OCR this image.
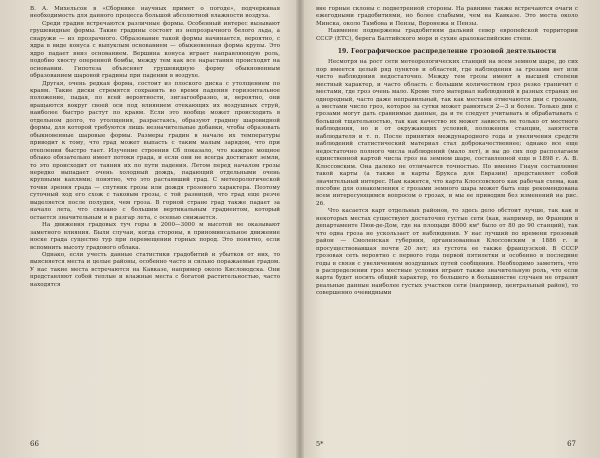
В. А. Михельсон в «Сборнике научных примет о погоде», подчеркивая необходимость для данного процесса большой абсолютной влажности воздуха.

Среди градин встречаются различные формы. Особенный интерес вызывают грушевидные формы. Такие градины состоят из непрозрачного белого льда, а снаружи — из прозрачного. Образование такой формы начинается, вероятно, с ядра в виде конуса с выпуклым основанием — обыкновенная форма крупы. Это ядро падает вниз основанием. Вершина конуса играет направляющую роль, подобно хвосту оперенной бомбы, между тем как все нарастания происходят на основании. Гипотеза объясняет грушевидную форму обыкновенным образованием шаровой градины при падении в воздухе.

Другая, очень редкая форма, состоит из плоского диска с утолщением по краям. Такие диски стремятся сохранить во время падения горизонтальное положение, падая, по всей вероятности, зигзагообразно, и, вероятно, они вращаются вокруг своей оси под влиянием отекающих их воздушных струй, наиболее быстро растут по краям. Если это вообще может происходить в отдельном долго, то утолщения, разрастаясь, образуют градину шаровидной формы, для которой требуются лишь незначительные добавки, чтобы образовать обыкновенные шаровые формы. Размеры градин в начале их температуры приводит к тому, что град может выпасть с таким малым зарядом, что при отеплении быстро тает. Изучение строения Сб показало, что каждое мощное облако обязательно имеет потоки града, и если они не всегда достигают земли, то это происходит от таяния их по пути падения. Летом перед началом грозы нередко выпадает очень холодный дождь, падающий отдельными очень крупными каплями; понятно, что это растаявший град. С метеорологической точки зрения града — спутник грозы или дождя грозового характера. Поэтому суточный ход его схож с таковым грозы, с той разницей, что град еще резче выделяется после полудня, чем гроза. В горной стране град также падает за начало лета, что связано с большим вертикальным градиентом, который остается значительным и в разгар лета, с осенью снижается.

На движения градовых туч горы в 2000—3000 м высотой не оказывают заметного влияния. Были случаи, когда стороны, в приноминсальное движение носке града существо тур при перемещении горных пород. Это понятно, если вспомнить высоту градового облака.

Однако, если учесть данные статистики градобитий и убытков от них, то выясняется места и целые районы, особенно часто и сильно поражаемые градом. У нас такие места встречаются на Кавказе, например около Кисловодска. Они представляют собой теплые и влажные места с богатой растительностью, часто находятся

66

вне горные склоны с подветренной стороны. На равнине также встречаются очаги с ежегодными градобитиями, но более слабыми, чем на Кавказе. Это места около Минска, около Тамбова и Пензы, Воронежа и Пензы.

Наименее подвержены градобитиям дальний север европейской территории СССР (ЕТС), берега Балтийского моря и сухие аралокаспийские степи.

19. Географическое распределение грозовой деятельности

Несмотря на рост сети метеорологических станций на всем земном шаре, до сих пор имеется целый ряд пунктов и областей, где наблюдения за грозами нет или чисто наблюдения недостаточно. Между тем грозы имеют в высшей степени местный характер, и часто область с большим количеством гроз резко граничит с местами, где гроз очень мало. Кроме того материал наблюдений в разных странах не однородный, часто даже неправильный, так как местами отмечаются дни с грозами, а местами число гроз, которое за сутки может равняться 2—3 и более. Только дни с грозами могут дать сравнимые данные, да и те следует учитывать и обрабатывать с большой тщательностью, так как качество их может зависеть не только от местного наблюдения, но и от окружающих условий, положения станции, занятости наблюдателя и т. п. После принятия международного года и увеличения средств наблюдений статистический материал стал доброкачественнее; однако все еще недостаточно полного числа наблюдений (мало лет), и вы до сих пор располагаем единственной картой числа гроз на земном шаре, составленной еще в 1898 г. А. В. Клоссовским. Она далеко не отличается точностью. По именно Гнаун составление такой карты (а также и карты Брукса для Евразии) представляет собой значительный интерес. Нам кажется, что карта Клоссовского как рабочая схема, как пособие для ознакомления с грозами земного шара может быть еще рекомендована всем интересующимся вопросом о грозах, и мы ее приводим без изменений на рис. 26.

Что касается карт отдельных районов, то здесь дело обстоит лучше, так как в некоторых местах существуют достаточно густые сети (как, например, во Франции в департаменте Пюи-де-Дом, где на площади 8000 км² было от 80 до 90 станций), так что одна гроза не ускользает от наблюдения. У нас лучший по времени грозовый район — Смоленская губерния, организованная Клоссовским в 1886 г. и просуществовавшая почти 20 лет; из густота ее также французской. В СССР грозовая сеть вероятно с первого года первой пятилетки и особенно в последние годы в связи с увеличением воздушных путей сообщения. Необходимо заметить, что в распределении гроз местные условия играют также значительную роль, что если карта будет носить общий характер, то большего в большинстве случаев не отразит реальные данные наиболее густых участков сети (например, центральный район), то совершенно очевидными

5*	67
